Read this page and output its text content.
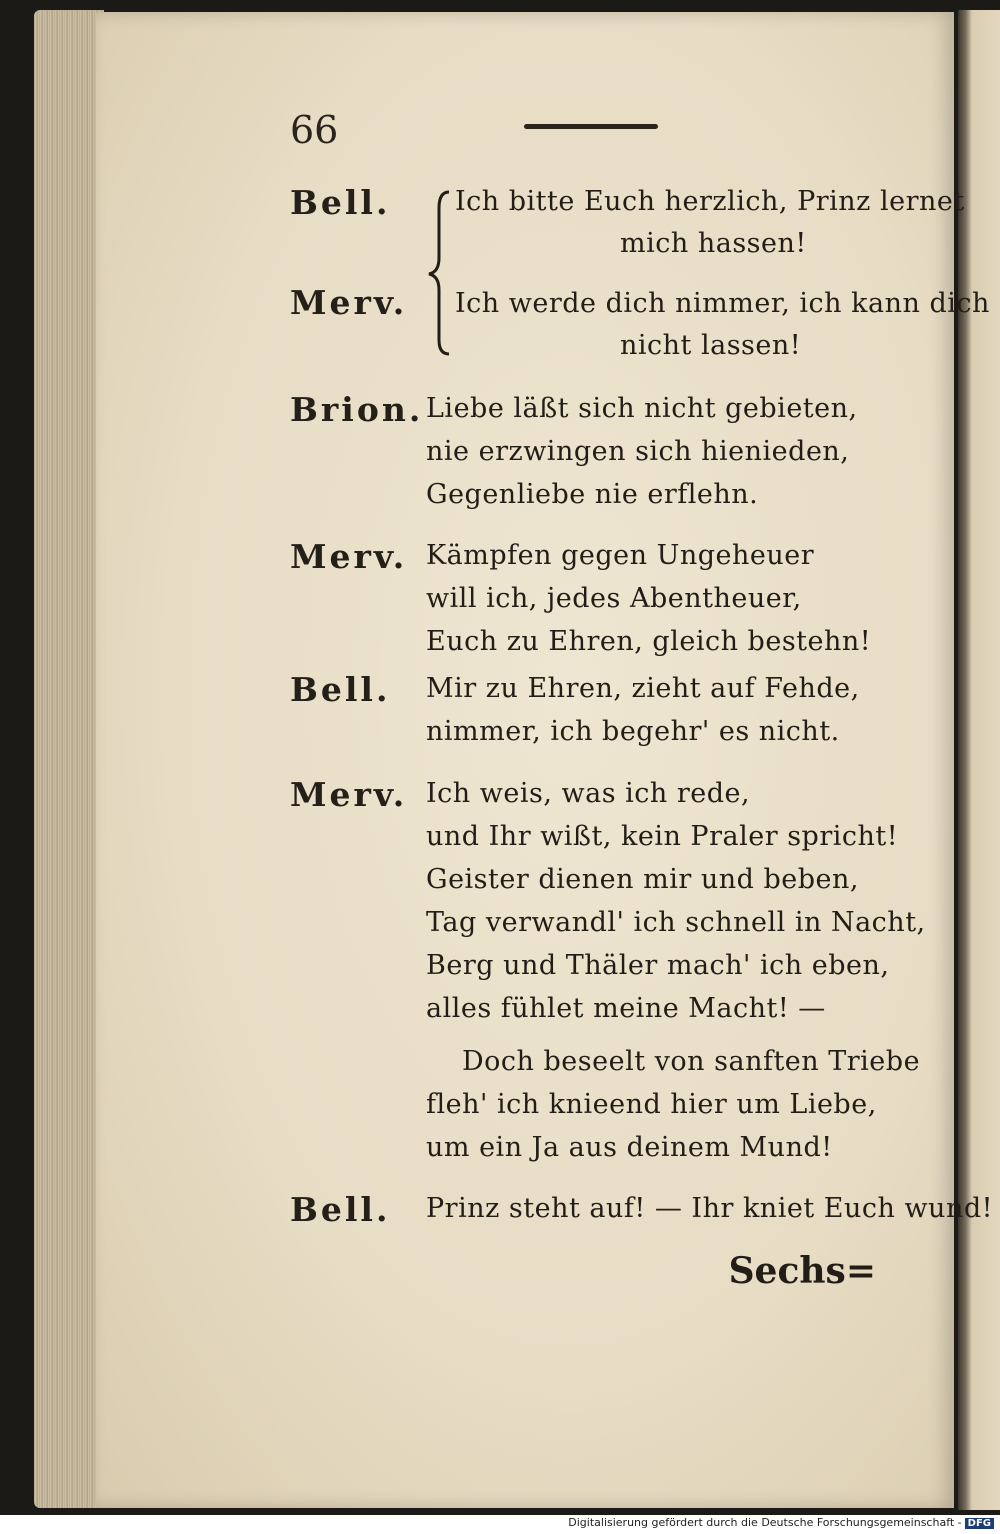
66
Bell. Ich bitte Euch herzlich, Prinz lernet
mich hassen!
Merv. Ich werde dich nimmer, ich kann dich
nicht lassen!
Brion. Liebe läßt sich nicht gebieten,
nie erzwingen sich hienieden,
Gegenliebe nie erflehn.
Merv. Kämpfen gegen Ungeheuer
will ich, jedes Abentheuer,
Euch zu Ehren, gleich bestehn!
Bell. Mir zu Ehren, zieht auf Fehde,
nimmer, ich begehr' es nicht.
Merv. Ich weis, was ich rede,
und Ihr wißt, kein Praler spricht!
Geister dienen mir und beben,
Tag verwandl' ich schnell in Nacht,
Berg und Thäler mach' ich eben,
alles fühlet meine Macht! —
Doch beseelt von sanften Triebe
fleh' ich knieend hier um Liebe,
um ein Ja aus deinem Mund!
Bell. Prinz steht auf! — Ihr kniet Euch wund!
Sechs=
Digitalisierung gefördert durch die Deutsche Forschungsgemeinschaft - DFG
